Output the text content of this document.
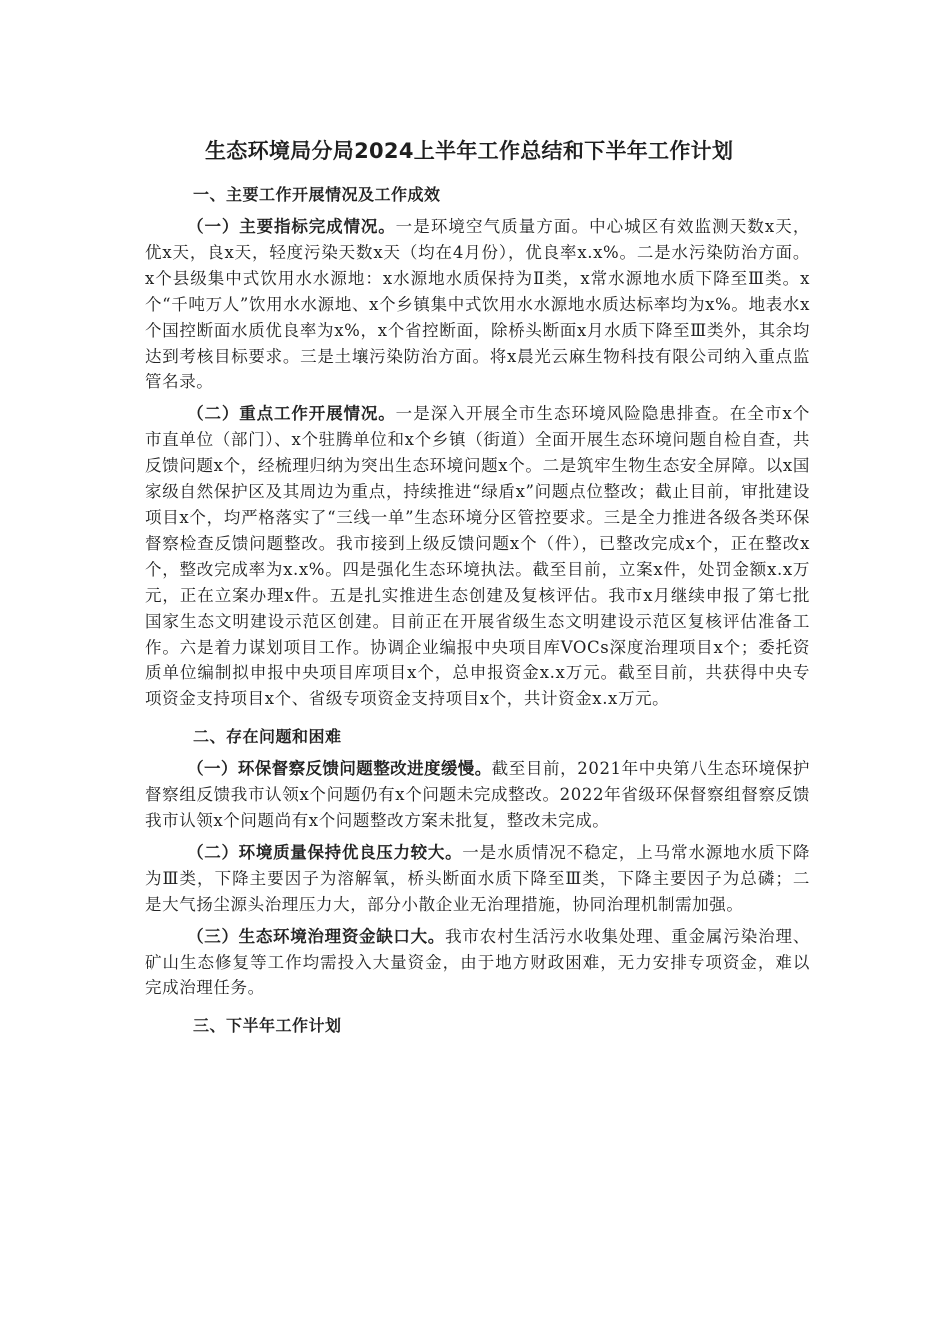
生态环境局分局2024上半年工作总结和下半年工作计划
一、主要工作开展情况及工作成效

（一）主要指标完成情况。一是环境空气质量方面。中心城区有效监测天数x天，优x天，良x天，轻度污染天数x天（均在4月份），优良率x.x%。二是水污染防治方面。x个县级集中式饮用水水源地：x水源地水质保持为Ⅱ类，x常水源地水质下降至Ⅲ类。x个“千吨万人”饮用水水源地、x个乡镇集中式饮用水水源地水质达标率均为x%。地表水x个国控断面水质优良率为x%，x个省控断面，除桥头断面x月水质下降至Ⅲ类外，其余均达到考核目标要求。三是土壤污染防治方面。将x晨光云麻生物科技有限公司纳入重点监管名录。

（二）重点工作开展情况。一是深入开展全市生态环境风险隐患排查。在全市x个市直单位（部门）、x个驻腾单位和x个乡镇（街道）全面开展生态环境问题自检自查，共反馈问题x个，经梳理归纳为突出生态环境问题x个。二是筑牢生物生态安全屏障。以x国家级自然保护区及其周边为重点，持续推进“绿盾x”问题点位整改；截止目前，审批建设项目x个，均严格落实了“三线一单”生态环境分区管控要求。三是全力推进各级各类环保督察检查反馈问题整改。我市接到上级反馈问题x个（件），已整改完成x个，正在整改x个，整改完成率为x.x%。四是强化生态环境执法。截至目前，立案x件，处罚金额x.x万元，正在立案办理x件。五是扎实推进生态创建及复核评估。我市x月继续申报了第七批国家生态文明建设示范区创建。目前正在开展省级生态文明建设示范区复核评估准备工作。六是着力谋划项目工作。协调企业编报中央项目库VOCs深度治理项目x个；委托资质单位编制拟申报中央项目库项目x个，总申报资金x.x万元。截至目前，共获得中央专项资金支持项目x个、省级专项资金支持项目x个，共计资金x.x万元。

二、存在问题和困难

（一）环保督察反馈问题整改进度缓慢。截至目前，2021年中央第八生态环境保护督察组反馈我市认领x个问题仍有x个问题未完成整改。2022年省级环保督察组督察反馈我市认领x个问题尚有x个问题整改方案未批复，整改未完成。

（二）环境质量保持优良压力较大。一是水质情况不稳定，上马常水源地水质下降为Ⅲ类，下降主要因子为溶解氧，桥头断面水质下降至Ⅲ类，下降主要因子为总磷；二是大气扬尘源头治理压力大，部分小散企业无治理措施，协同治理机制需加强。

（三）生态环境治理资金缺口大。我市农村生活污水收集处理、重金属污染治理、矿山生态修复等工作均需投入大量资金，由于地方财政困难，无力安排专项资金，难以完成治理任务。

三、下半年工作计划
